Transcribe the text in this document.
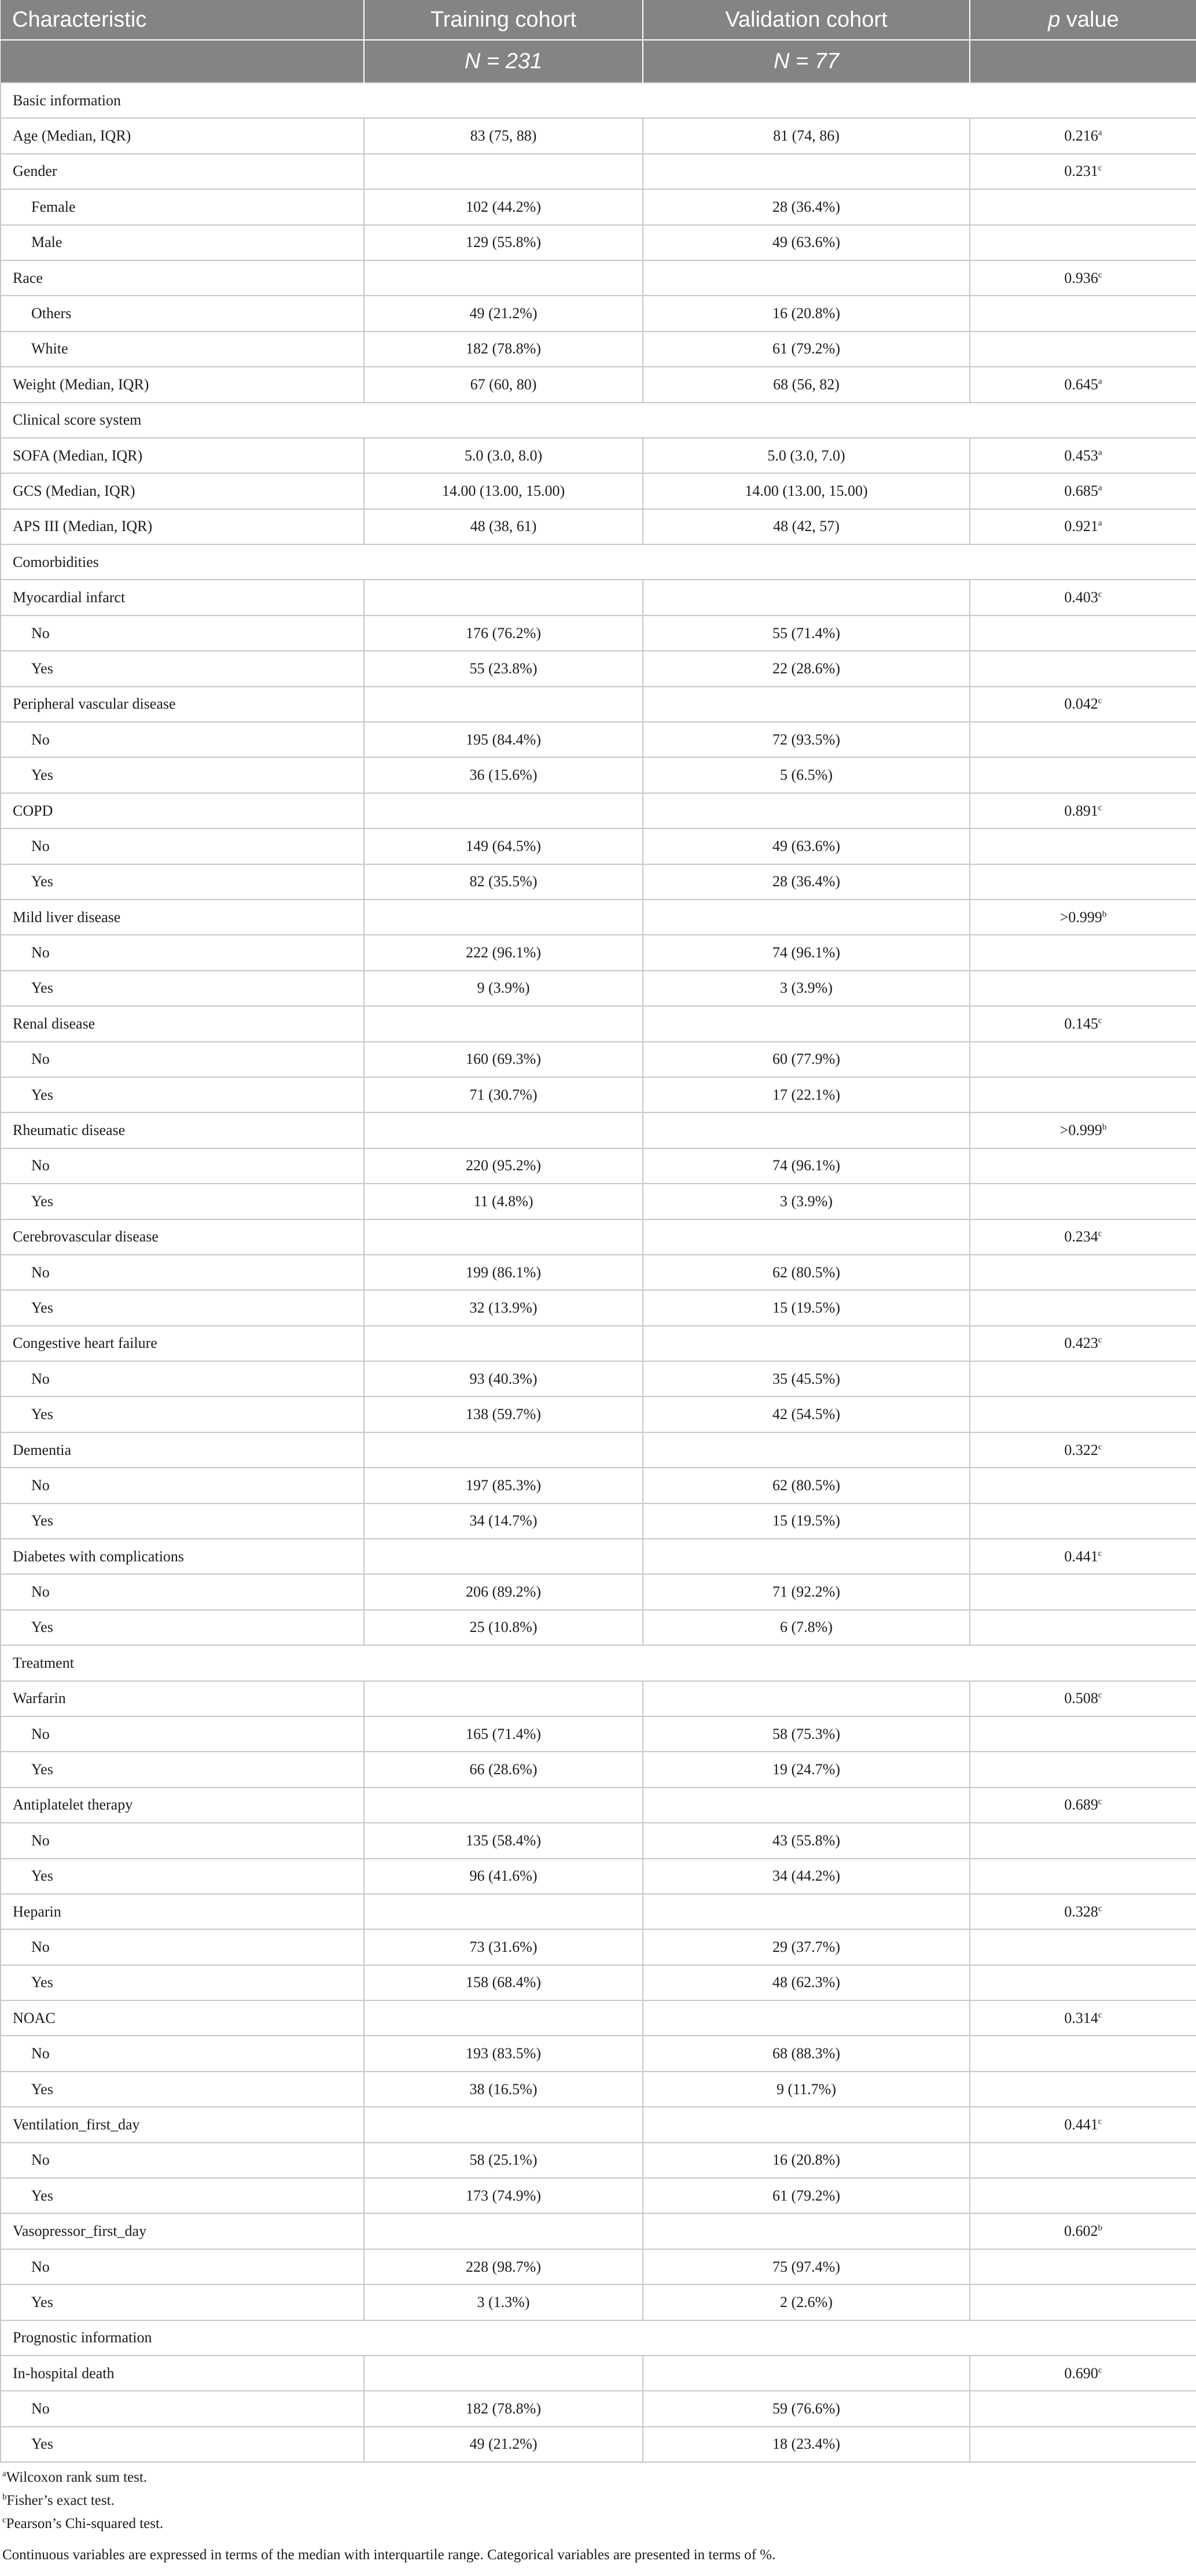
Characteristic	Training cohort	Validation cohort	p value
	N = 231	N = 77	
Basic information			
Age (Median, IQR)	83 (75, 88)	81 (74, 86)	0.216$^a$
Gender			0.231$^c$
Female	102 (44.2%)	28 (36.4%)	
Male	129 (55.8%)	49 (63.6%)	
Race			0.936$^c$
Others	49 (21.2%)	16 (20.8%)	
White	182 (78.8%)	61 (79.2%)	
Weight (Median, IQR)	67 (60, 80)	68 (56, 82)	0.645$^a$
Clinical score system			
SOFA (Median, IQR)	5.0 (3.0, 8.0)	5.0 (3.0, 7.0)	0.453$^a$
GCS (Median, IQR)	14.00 (13.00, 15.00)	14.00 (13.00, 15.00)	0.685$^a$
APS III (Median, IQR)	48 (38, 61)	48 (42, 57)	0.921$^a$
Comorbidities			
Myocardial infarct			0.403$^c$
No	176 (76.2%)	55 (71.4%)	
Yes	55 (23.8%)	22 (28.6%)	
Peripheral vascular disease			0.042$^c$
No	195 (84.4%)	72 (93.5%)	
Yes	36 (15.6%)	5 (6.5%)	
COPD			0.891$^c$
No	149 (64.5%)	49 (63.6%)	
Yes	82 (35.5%)	28 (36.4%)	
Mild liver disease			>0.999$^b$
No	222 (96.1%)	74 (96.1%)	
Yes	9 (3.9%)	3 (3.9%)	
Renal disease			0.145$^c$
No	160 (69.3%)	60 (77.9%)	
Yes	71 (30.7%)	17 (22.1%)	
Rheumatic disease			>0.999$^b$
No	220 (95.2%)	74 (96.1%)	
Yes	11 (4.8%)	3 (3.9%)	
Cerebrovascular disease			0.234$^c$
No	199 (86.1%)	62 (80.5%)	
Yes	32 (13.9%)	15 (19.5%)	
Congestive heart failure			0.423$^c$
No	93 (40.3%)	35 (45.5%)	
Yes	138 (59.7%)	42 (54.5%)	
Dementia			0.322$^c$
No	197 (85.3%)	62 (80.5%)	
Yes	34 (14.7%)	15 (19.5%)	
Diabetes with complications			0.441$^c$
No	206 (89.2%)	71 (92.2%)	
Yes	25 (10.8%)	6 (7.8%)	
Treatment			
Warfarin			0.508$^c$
No	165 (71.4%)	58 (75.3%)	
Yes	66 (28.6%)	19 (24.7%)	
Antiplatelet therapy			0.689$^c$
No	135 (58.4%)	43 (55.8%)	
Yes	96 (41.6%)	34 (44.2%)	
Heparin			0.328$^c$
No	73 (31.6%)	29 (37.7%)	
Yes	158 (68.4%)	48 (62.3%)	
NOAC			0.314$^c$
No	193 (83.5%)	68 (88.3%)	
Yes	38 (16.5%)	9 (11.7%)	
Ventilation_first_day			0.441$^c$
No	58 (25.1%)	16 (20.8%)	
Yes	173 (74.9%)	61 (79.2%)	
Vasopressor_first_day			0.602$^b$
No	228 (98.7%)	75 (97.4%)	
Yes	3 (1.3%)	2 (2.6%)	
Prognostic information			
In-hospital death			0.690$^c$
No	182 (78.8%)	59 (76.6%)	
Yes	49 (21.2%)	18 (23.4%)	
$^a$Wilcoxon rank sum test.
$^b$Fisher’s exact test.
$^c$Pearson’s Chi-squared test.
Continuous variables are expressed in terms of the median with interquartile range. Categorical variables are presented in terms of %.
